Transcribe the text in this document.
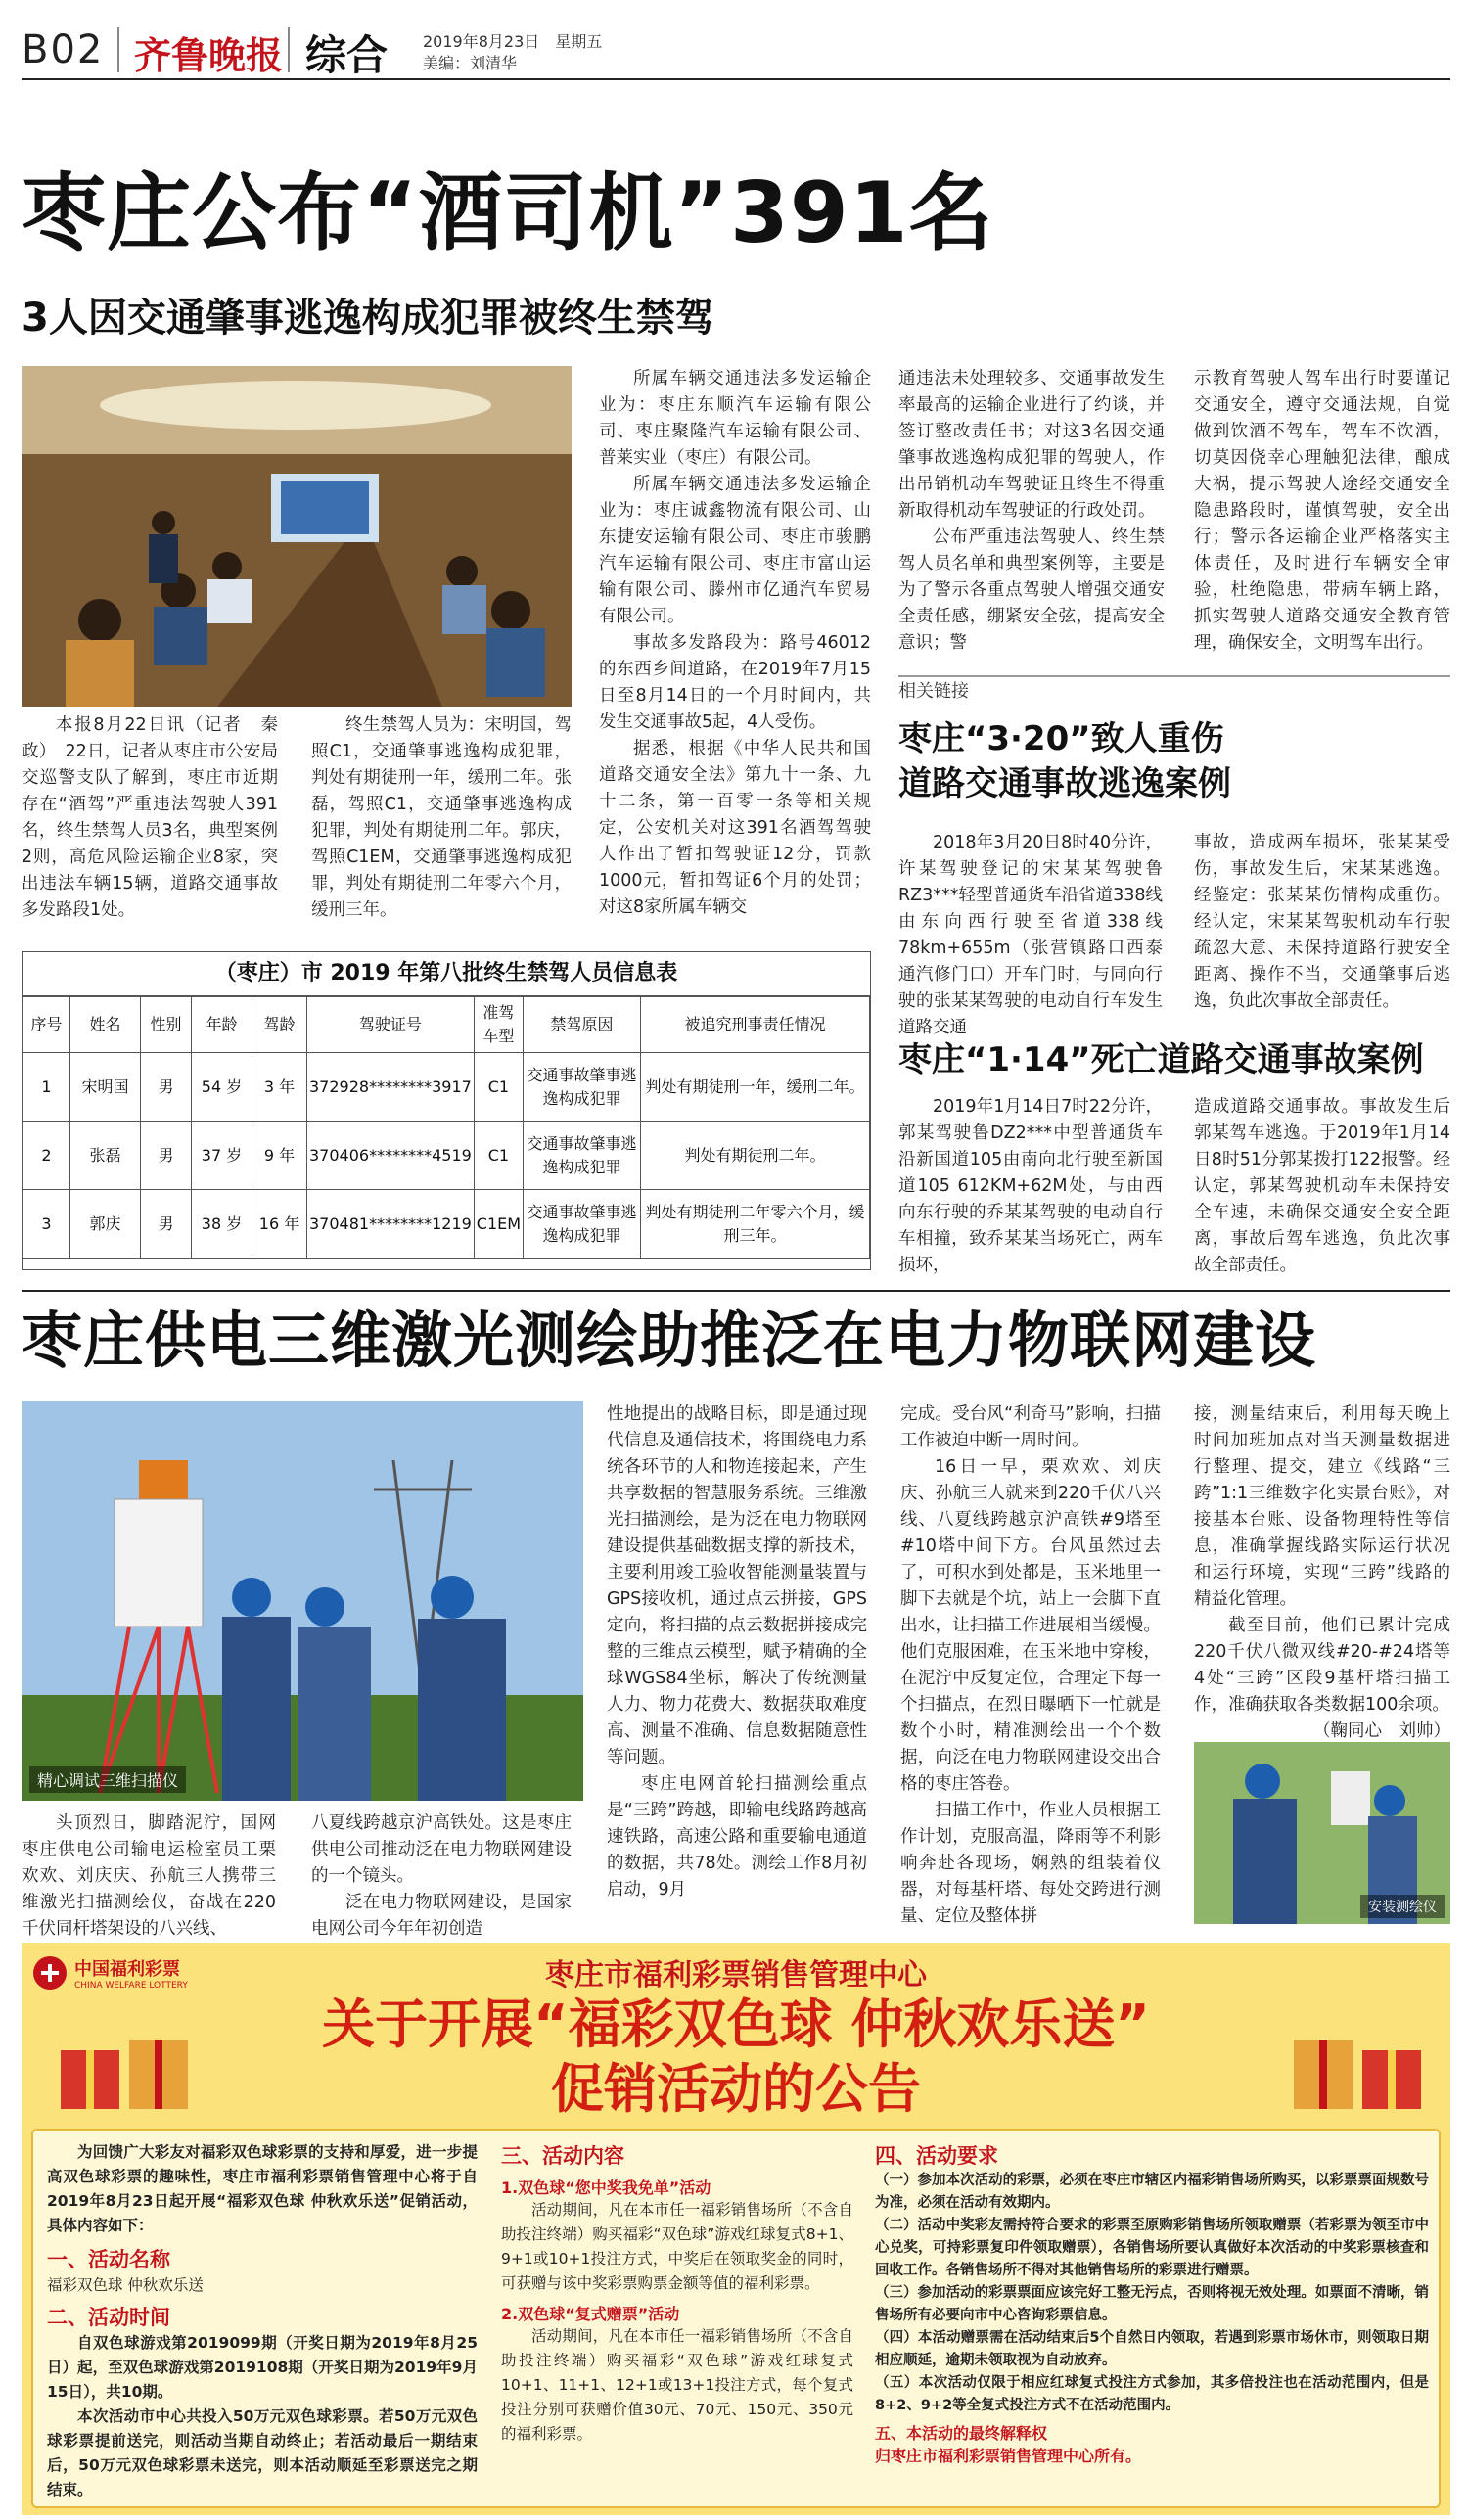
B02 齐鲁晚报 综合 2019年8月23日　星期五
美编：刘清华
枣庄公布“酒司机”391名
3人因交通肇事逃逸构成犯罪被终生禁驾

本报8月22日讯（记者　秦政）　22日，记者从枣庄市公安局交巡警支队了解到，枣庄市近期存在“酒驾”严重违法驾驶人391名，终生禁驾人员3名，典型案例2则，高危风险运输企业8家，突出违法车辆15辆，道路交通事故多发路段1处。

终生禁驾人员为：宋明国，驾照C1，交通肇事逃逸构成犯罪，判处有期徒刑一年，缓刑二年。张磊，驾照C1，交通肇事逃逸构成犯罪，判处有期徒刑二年。郭庆，驾照C1EM，交通肇事逃逸构成犯罪，判处有期徒刑二年零六个月，缓刑三年。

所属车辆交通违法多发运输企业为：枣庄东顺汽车运输有限公司、枣庄聚隆汽车运输有限公司、普莱实业（枣庄）有限公司。

所属车辆交通违法多发运输企业为：枣庄诚鑫物流有限公司、山东捷安运输有限公司、枣庄市骏鹏汽车运输有限公司、枣庄市富山运输有限公司、滕州市亿通汽车贸易有限公司。

事故多发路段为：路号46012的东西乡间道路，在2019年7月15日至8月14日的一个月时间内，共发生交通事故5起，4人受伤。

据悉，根据《中华人民共和国道路交通安全法》第九十一条、九十二条，第一百零一条等相关规定，公安机关对这391名酒驾驾驶人作出了暂扣驾驶证12分，罚款1000元，暂扣驾证6个月的处罚；对这8家所属车辆交

通违法未处理较多、交通事故发生率最高的运输企业进行了约谈，并签订整改责任书；对这3名因交通肇事故逃逸构成犯罪的驾驶人，作出吊销机动车驾驶证且终生不得重新取得机动车驾驶证的行政处罚。

公布严重违法驾驶人、终生禁驾人员名单和典型案例等，主要是为了警示各重点驾驶人增强交通安全责任感，绷紧安全弦，提高安全意识；警

示教育驾驶人驾车出行时要谨记交通安全，遵守交通法规，自觉做到饮酒不驾车，驾车不饮酒，切莫因侥幸心理触犯法律，酿成大祸，提示驾驶人途经交通安全隐患路段时，谨慎驾驶，安全出行；警示各运输企业严格落实主体责任，及时进行车辆安全审验，杜绝隐患，带病车辆上路，抓实驾驶人道路交通安全教育管理，确保安全，文明驾车出行。

相关链接
枣庄“3·20”致人重伤
道路交通事故逃逸案例

2018年3月20日8时40分许，许某驾驶登记的宋某某驾驶鲁RZ3***轻型普通货车沿省道338线由东向西行驶至省道338线78km+655m（张营镇路口西泰通汽修门口）开车门时，与同向行驶的张某某驾驶的电动自行车发生道路交通

事故，造成两车损坏，张某某受伤，事故发生后，宋某某逃逸。经鉴定：张某某伤情构成重伤。经认定，宋某某驾驶机动车行驶疏忽大意、未保持道路行驶安全距离、操作不当，交通肇事后逃逸，负此次事故全部责任。

枣庄“1·14”死亡道路交通事故案例

2019年1月14日7时22分许，郭某驾驶鲁DZ2***中型普通货车沿新国道105由南向北行驶至新国道105 612KM+62M处，与由西向东行驶的乔某某驾驶的电动自行车相撞，致乔某某当场死亡，两车损坏，

造成道路交通事故。事故发生后郭某驾车逃逸。于2019年1月14日8时51分郭某拨打122报警。经认定，郭某驾驶机动车未保持安全车速，未确保交通安全安全距离，事故后驾车逃逸，负此次事故全部责任。

（枣庄）市 2019 年第八批终生禁驾人员信息表
序号	姓名	性别	年龄	驾龄	驾驶证号	准驾车型	禁驾原因	被追究刑事责任情况
1	宋明国	男	54 岁	3 年	372928********3917	C1	交通事故肇事逃逸构成犯罪	判处有期徒刑一年，缓刑二年。
2	张磊	男	37 岁	9 年	370406********4519	C1	交通事故肇事逃逸构成犯罪	判处有期徒刑二年。
3	郭庆	男	38 岁	16 年	370481********1219	C1EM	交通事故肇事逃逸构成犯罪	判处有期徒刑二年零六个月，缓刑三年。
枣庄供电三维激光测绘助推泛在电力物联网建设
精心调试三维扫描仪

头顶烈日，脚踏泥泞，国网枣庄供电公司输电运检室员工栗欢欢、刘庆庆、孙航三人携带三维激光扫描测绘仪，奋战在220千伏同杆塔架设的八兴线、

八夏线跨越京沪高铁处。这是枣庄供电公司推动泛在电力物联网建设的一个镜头。

泛在电力物联网建设，是国家电网公司今年年初创造

性地提出的战略目标，即是通过现代信息及通信技术，将围绕电力系统各环节的人和物连接起来，产生共享数据的智慧服务系统。三维激光扫描测绘，是为泛在电力物联网建设提供基础数据支撑的新技术，主要利用竣工验收智能测量装置与GPS接收机，通过点云拼接，GPS定向，将扫描的点云数据拼接成完整的三维点云模型，赋予精确的全球WGS84坐标，解决了传统测量人力、物力花费大、数据获取难度高、测量不准确、信息数据随意性等问题。

枣庄电网首轮扫描测绘重点是“三跨”跨越，即输电线路跨越高速铁路，高速公路和重要输电通道的数据，共78处。测绘工作8月初启动，9月

完成。受台风“利奇马”影响，扫描工作被迫中断一周时间。

16日一早，栗欢欢、刘庆庆、孙航三人就来到220千伏八兴线、八夏线跨越京沪高铁#9塔至#10塔中间下方。台风虽然过去了，可积水到处都是，玉米地里一脚下去就是个坑，站上一会脚下直出水，让扫描工作进展相当缓慢。他们克服困难，在玉米地中穿梭，在泥泞中反复定位，合理定下每一个扫描点，在烈日曝晒下一忙就是数个小时，精准测绘出一个个数据，向泛在电力物联网建设交出合格的枣庄答卷。

扫描工作中，作业人员根据工作计划，克服高温，降雨等不利影响奔赴各现场，娴熟的组装着仪器，对每基杆塔、每处交跨进行测量、定位及整体拼

接，测量结束后，利用每天晚上时间加班加点对当天测量数据进行整理、提交，建立《线路“三跨”1:1三维数字化实景台账》，对接基本台账、设备物理特性等信息，准确掌握线路实际运行状况和运行环境，实现“三跨”线路的精益化管理。

截至目前，他们已累计完成220千伏八微双线#20-#24塔等4处“三跨”区段9基杆塔扫描工作，准确获取各类数据100余项。

（鞠同心　刘帅）

安装测绘仪
中国福利彩票
CHINA WELFARE LOTTERY	枣庄市福利彩票销售管理中心
关于开展“福彩双色球 仲秋欢乐送”
促销活动的公告
为回馈广大彩友对福彩双色球彩票的支持和厚爱，进一步提高双色球彩票的趣味性，枣庄市福利彩票销售管理中心将于自2019年8月23日起开展“福彩双色球 仲秋欢乐送”促销活动，具体内容如下：
一、活动名称
福彩双色球 仲秋欢乐送
二、活动时间
自双色球游戏第2019099期（开奖日期为2019年8月25日）起，至双色球游戏第2019108期（开奖日期为2019年9月15日），共10期。
本次活动市中心共投入50万元双色球彩票。若50万元双色球彩票提前送完，则活动当期自动终止；若活动最后一期结束后，50万元双色球彩票未送完，则本活动顺延至彩票送完之期结束。
三、活动内容
1.双色球“您中奖我免单”活动
活动期间，凡在本市任一福彩销售场所（不含自助投注终端）购买福彩“双色球”游戏红球复式8+1、9+1或10+1投注方式，中奖后在领取奖金的同时，可获赠与该中奖彩票购票金额等值的福利彩票。
2.双色球“复式赠票”活动
活动期间，凡在本市任一福彩销售场所（不含自助投注终端）购买福彩“双色球”游戏红球复式10+1、11+1、12+1或13+1投注方式，每个复式投注分别可获赠价值30元、70元、150元、350元的福利彩票。
四、活动要求
（一）参加本次活动的彩票，必须在枣庄市辖区内福彩销售场所购买，以彩票票面规数号为准，必须在活动有效期内。
（二）活动中奖彩友需持符合要求的彩票至原购彩销售场所领取赠票（若彩票为领至市中心兑奖，可持彩票复印件领取赠票），各销售场所要认真做好本次活动的中奖彩票核查和回收工作。各销售场所不得对其他销售场所的彩票进行赠票。
（三）参加活动的彩票票面应该完好工整无污点，否则将视无效处理。如票面不清晰，销售场所有必要向市中心咨询彩票信息。
（四）本活动赠票需在活动结束后5个自然日内领取，若遇到彩票市场休市，则领取日期相应顺延，逾期未领取视为自动放弃。
（五）本次活动仅限于相应红球复式投注方式参加，其多倍投注也在活动范围内，但是8+2、9+2等全复式投注方式不在活动范围内。
五、本活动的最终解释权
归枣庄市福利彩票销售管理中心所有。
